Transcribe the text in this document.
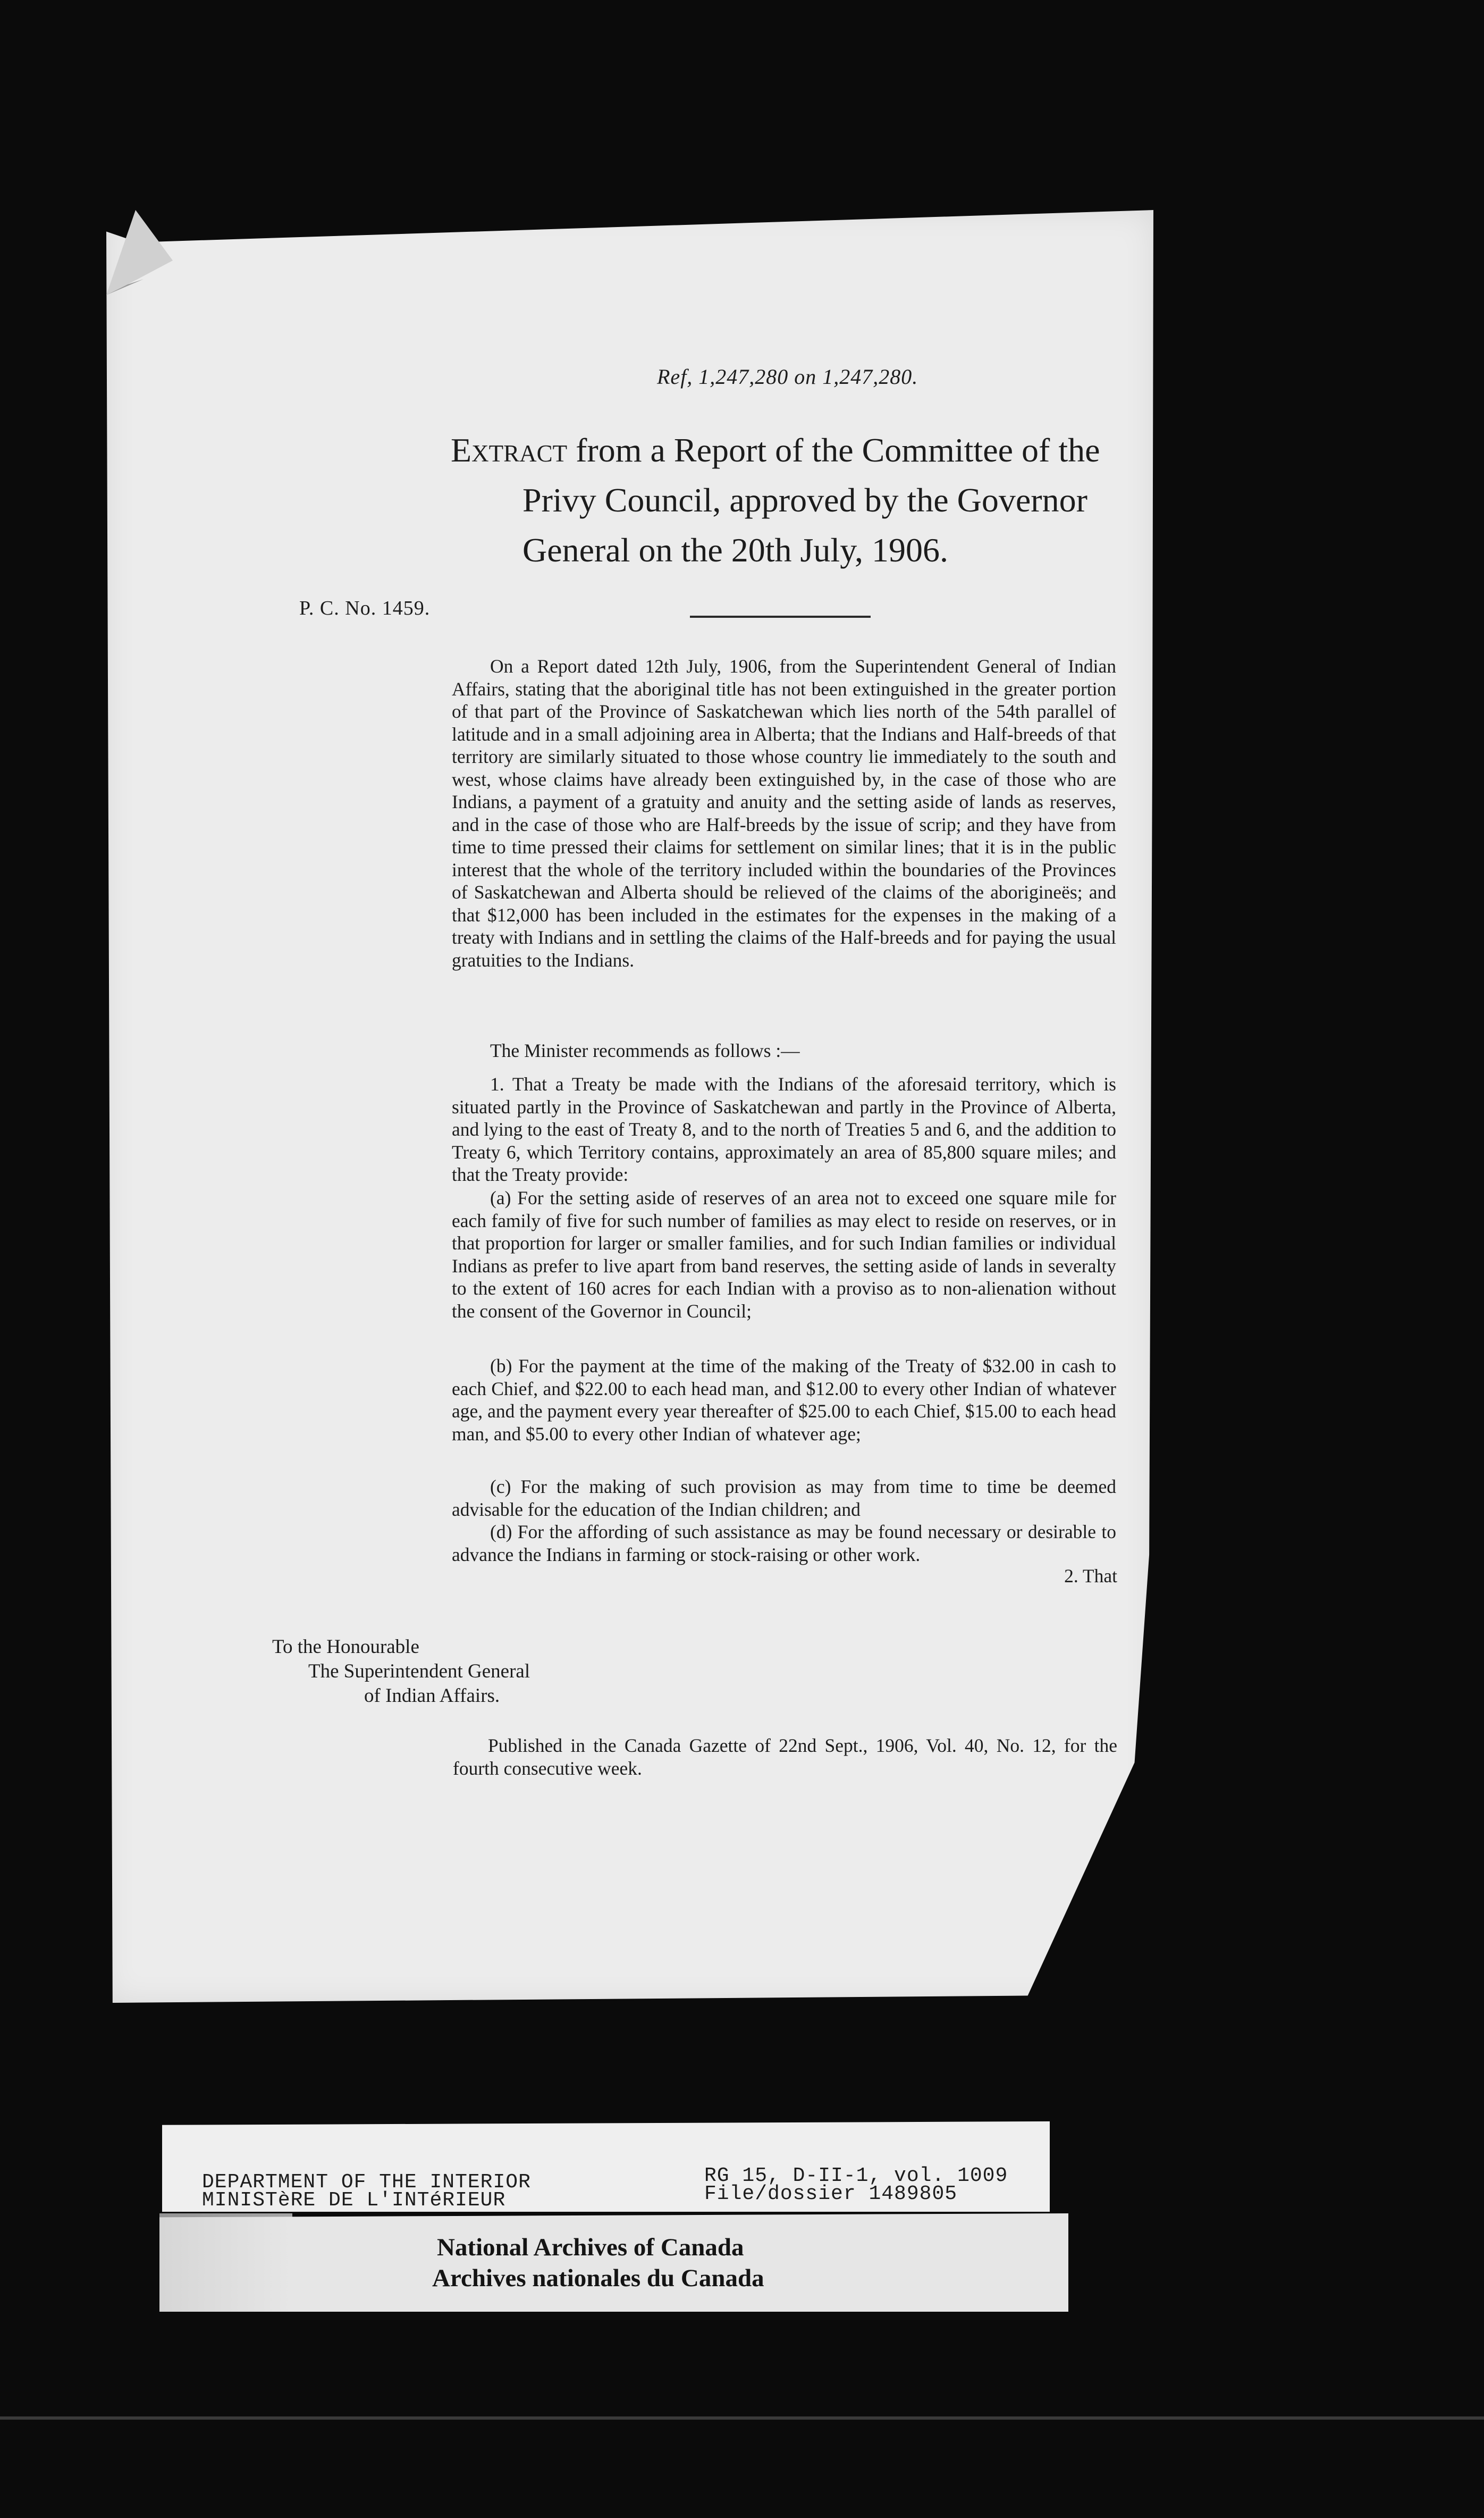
Ref, 1,247,280 on 1,247,280.
Extract from a Report of the Committee of the
Privy Council, approved by the Governor
General on the 20th July, 1906.
P. C. No. 1459.

On a Report dated 12th July, 1906, from the Superintendent General of Indian Affairs, stating that the aboriginal title has not been extinguished in the greater portion of that part of the Province of Saskatchewan which lies north of the 54th parallel of latitude and in a small adjoining area in Alberta; that the Indians and Half-breeds of that territory are similarly situated to those whose country lie immediately to the south and west, whose claims have already been extinguished by, in the case of those who are Indians, a payment of a gratuity and anuity and the setting aside of lands as reserves, and in the case of those who are Half-breeds by the issue of scrip; and they have from time to time pressed their claims for settlement on similar lines; that it is in the public interest that the whole of the territory included within the boundaries of the Provinces of Saskatchewan and Alberta should be relieved of the claims of the aborigineës; and that $12,000 has been included in the estimates for the expenses in the making of a treaty with Indians and in settling the claims of the Half-breeds and for paying the usual gratuities to the Indians.

The Minister recommends as follows :—

1. That a Treaty be made with the Indians of the aforesaid territory, which is situated partly in the Province of Saskatchewan and partly in the Province of Alberta, and lying to the east of Treaty 8, and to the north of Treaties 5 and 6, and the addition to Treaty 6, which Territory contains, approximately an area of 85,800 square miles; and that the Treaty provide:

(a) For the setting aside of reserves of an area not to exceed one square mile for each family of five for such number of families as may elect to reside on reserves, or in that proportion for larger or smaller families, and for such Indian families or individual Indians as prefer to live apart from band reserves, the setting aside of lands in severalty to the extent of 160 acres for each Indian with a proviso as to non-alienation without the consent of the Governor in Council;

(b) For the payment at the time of the making of the Treaty of $32.00 in cash to each Chief, and $22.00 to each head man, and $12.00 to every other Indian of whatever age, and the payment every year thereafter of $25.00 to each Chief, $15.00 to each head man, and $5.00 to every other Indian of whatever age;

(c) For the making of such provision as may from time to time be deemed advisable for the education of the Indian children; and

(d) For the affording of such assistance as may be found necessary or desirable to advance the Indians in farming or stock-raising or other work.

2. That
To the Honourable
The Superintendent General
of Indian Affairs.

Published in the Canada Gazette of 22nd Sept., 1906, Vol. 40, No. 12, for the fourth consecutive week.

DEPARTMENT OF THE INTERIOR
MINISTèRE DE L'INTéRIEUR
RG 15, D-II-1, vol. 1009
File/dossier 1489805
National Archives of Canada
Archives nationales du Canada
